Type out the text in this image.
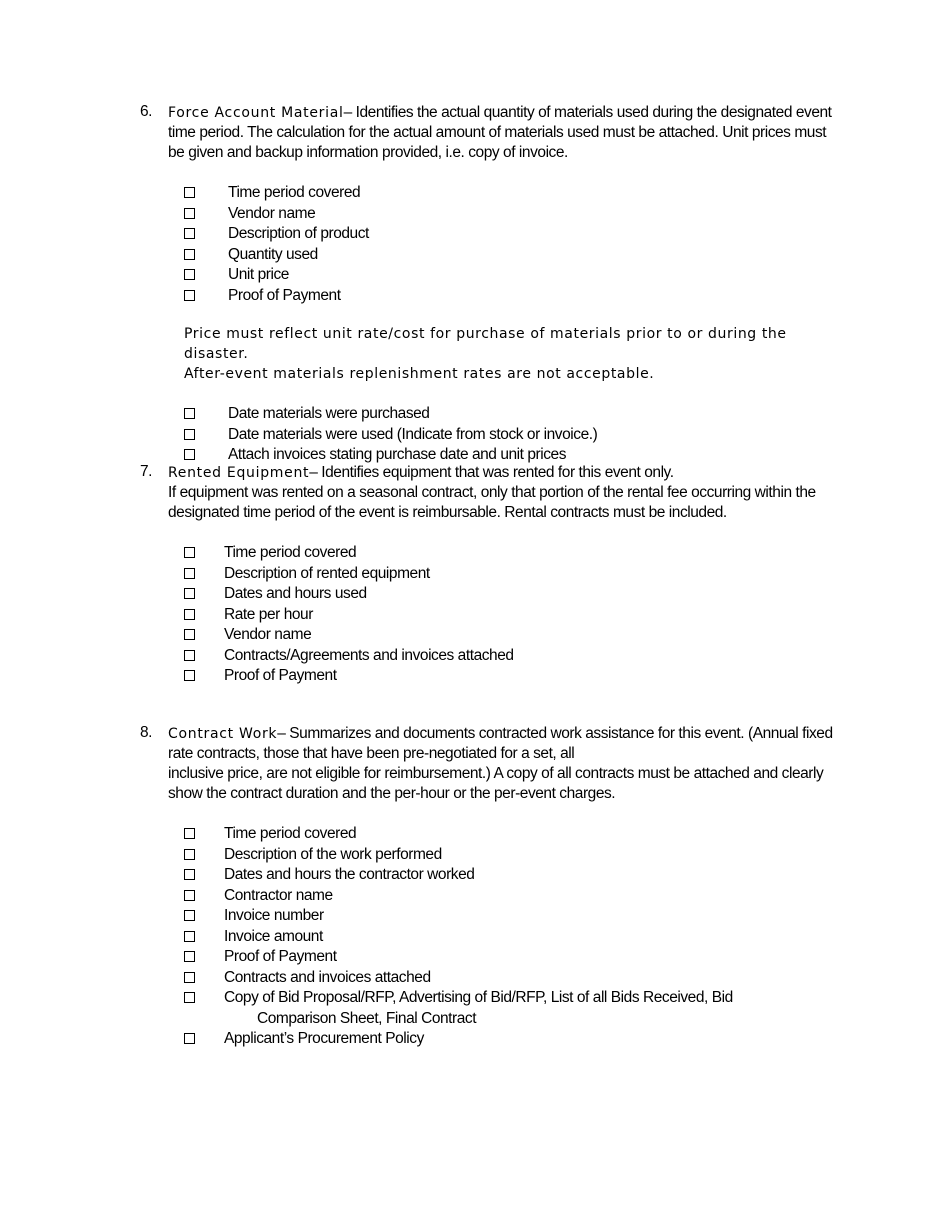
6. Force Account Material– Identifies the actual quantity of materials used during the designated event time period. The calculation for the actual amount of materials used must be attached. Unit prices must be given and backup information provided, i.e. copy of invoice.
Time period covered
Vendor name
Description of product
Quantity used
Unit price
Proof of Payment
Price must reflect unit rate/cost for purchase of materials prior to or during the disaster.
After-event materials replenishment rates are not acceptable.
Date materials were purchased
Date materials were used (Indicate from stock or invoice.)
Attach invoices stating purchase date and unit prices
7. Rented Equipment– Identifies equipment that was rented for this event only.
If equipment was rented on a seasonal contract, only that portion of the rental fee occurring within the designated time period of the event is reimbursable. Rental contracts must be included.
Time period covered
Description of rented equipment
Dates and hours used
Rate per hour
Vendor name
Contracts/Agreements and invoices attached
Proof of Payment
8. Contract Work– Summarizes and documents contracted work assistance for this event. (Annual fixed rate contracts, those that have been pre-negotiated for a set, all
inclusive price, are not eligible for reimbursement.) A copy of all contracts must be attached and clearly show the contract duration and the per-hour or the per-event charges.
Time period covered
Description of the work performed
Dates and hours the contractor worked
Contractor name
Invoice number
Invoice amount
Proof of Payment
Contracts and invoices attached
Copy of Bid Proposal/RFP, Advertising of Bid/RFP, List of all Bids Received, Bid
Comparison Sheet, Final Contract
Applicant’s Procurement Policy
